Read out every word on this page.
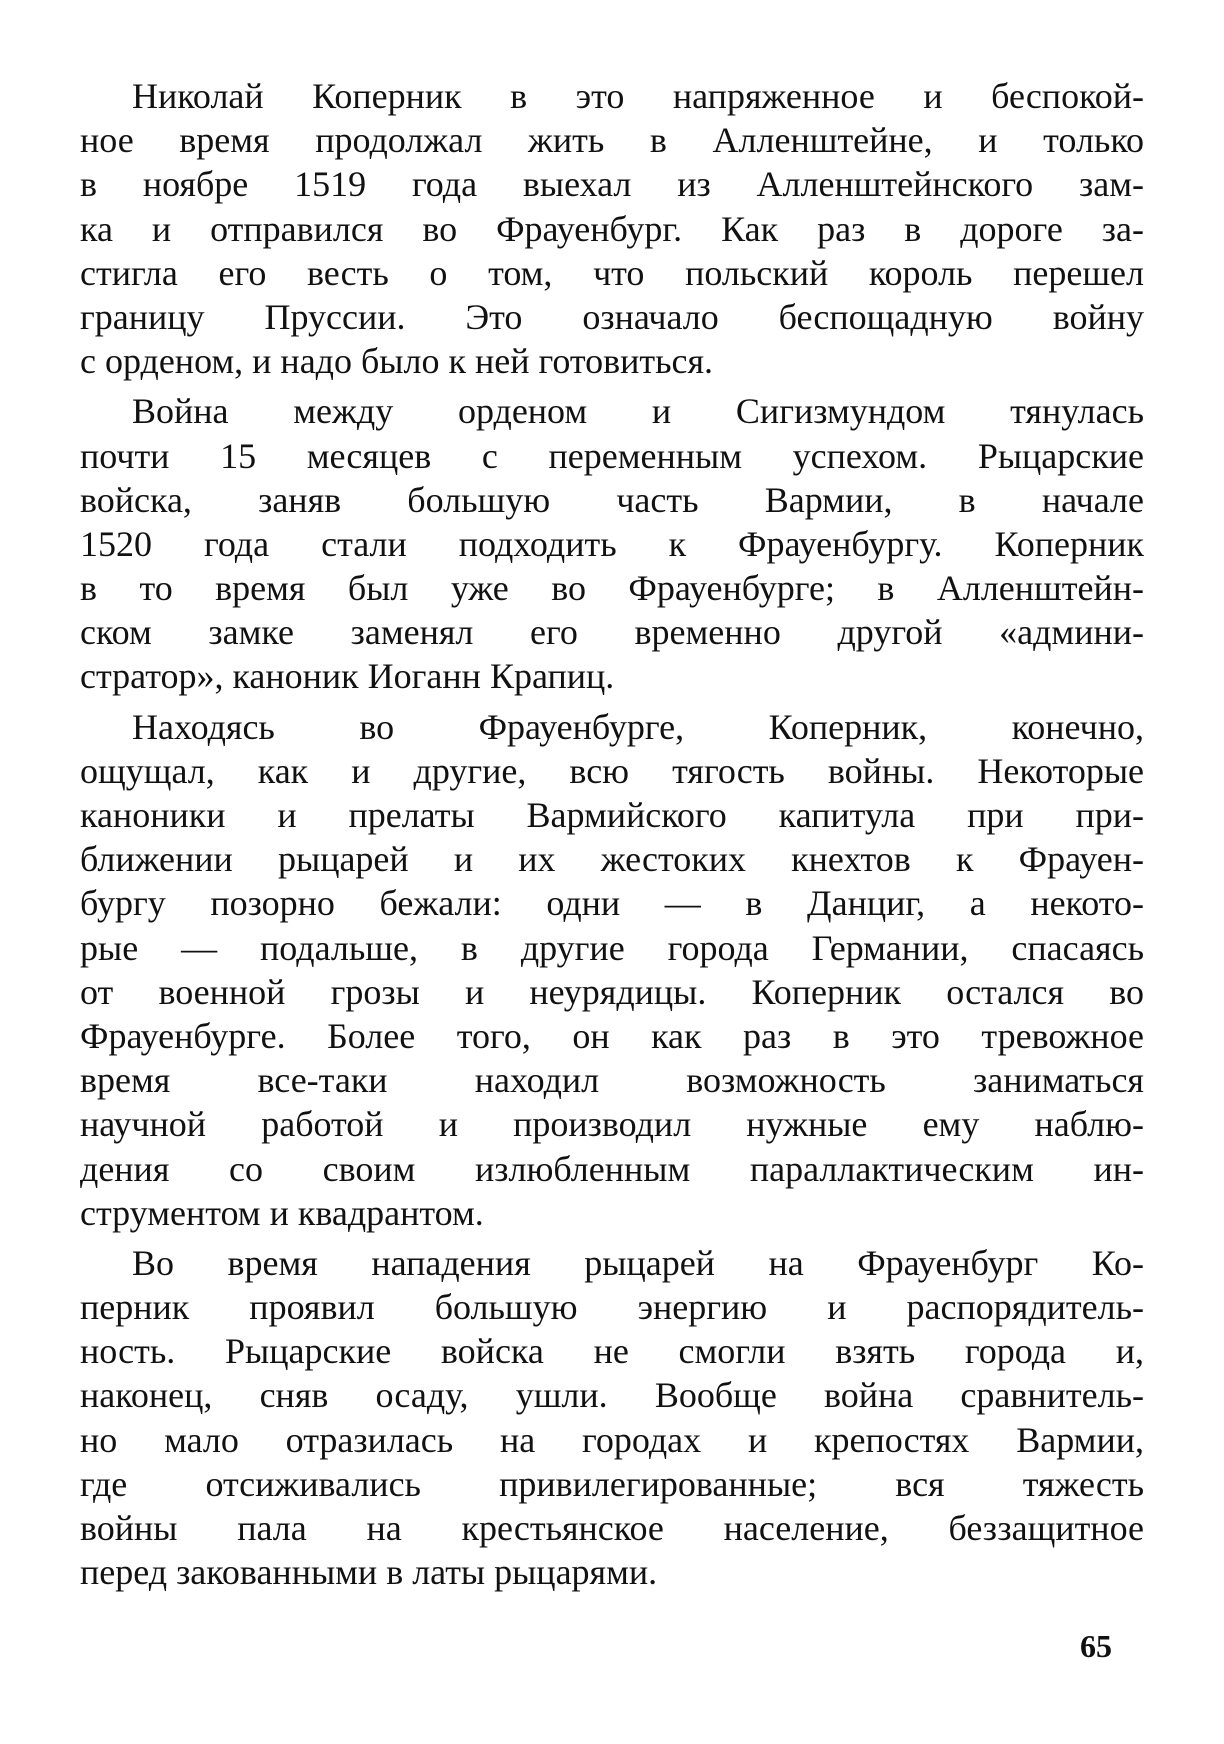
Николай Коперник в это напряженное и беспокой-
ное время продолжал жить в Алленштейне, и только
в ноябре 1519 года выехал из Алленштейнского зам-
ка и отправился во Фрауенбург. Как раз в дороге за-
стигла его весть о том, что польский король перешел
границу Пруссии. Это означало беспощадную войну
с орденом, и надо было к ней готовиться.
Война между орденом и Сигизмундом тянулась
почти 15 месяцев с переменным успехом. Рыцарские
войска, заняв большую часть Вармии, в начале
1520 года стали подходить к Фрауенбургу. Коперник
в то время был уже во Фрауенбурге; в Алленштейн-
ском замке заменял его временно другой «админи-
стратор», каноник Иоганн Крапиц.
Находясь во Фрауенбурге, Коперник, конечно,
ощущал, как и другие, всю тягость войны. Некоторые
каноники и прелаты Вармийского капитула при при-
ближении рыцарей и их жестоких кнехтов к Фрауен-
бургу позорно бежали: одни — в Данциг, а некото-
рые — подальше, в другие города Германии, спасаясь
от военной грозы и неурядицы. Коперник остался во
Фрауенбурге. Более того, он как раз в это тревожное
время все-таки находил возможность заниматься
научной работой и производил нужные ему наблю-
дения со своим излюбленным параллактическим ин-
струментом и квадрантом.
Во время нападения рыцарей на Фрауенбург Ко-
перник проявил большую энергию и распорядитель-
ность. Рыцарские войска не смогли взять города и,
наконец, сняв осаду, ушли. Вообще война сравнитель-
но мало отразилась на городах и крепостях Вармии,
где отсиживались привилегированные; вся тяжесть
войны пала на крестьянское население, беззащитное
перед закованными в латы рыцарями.
65
